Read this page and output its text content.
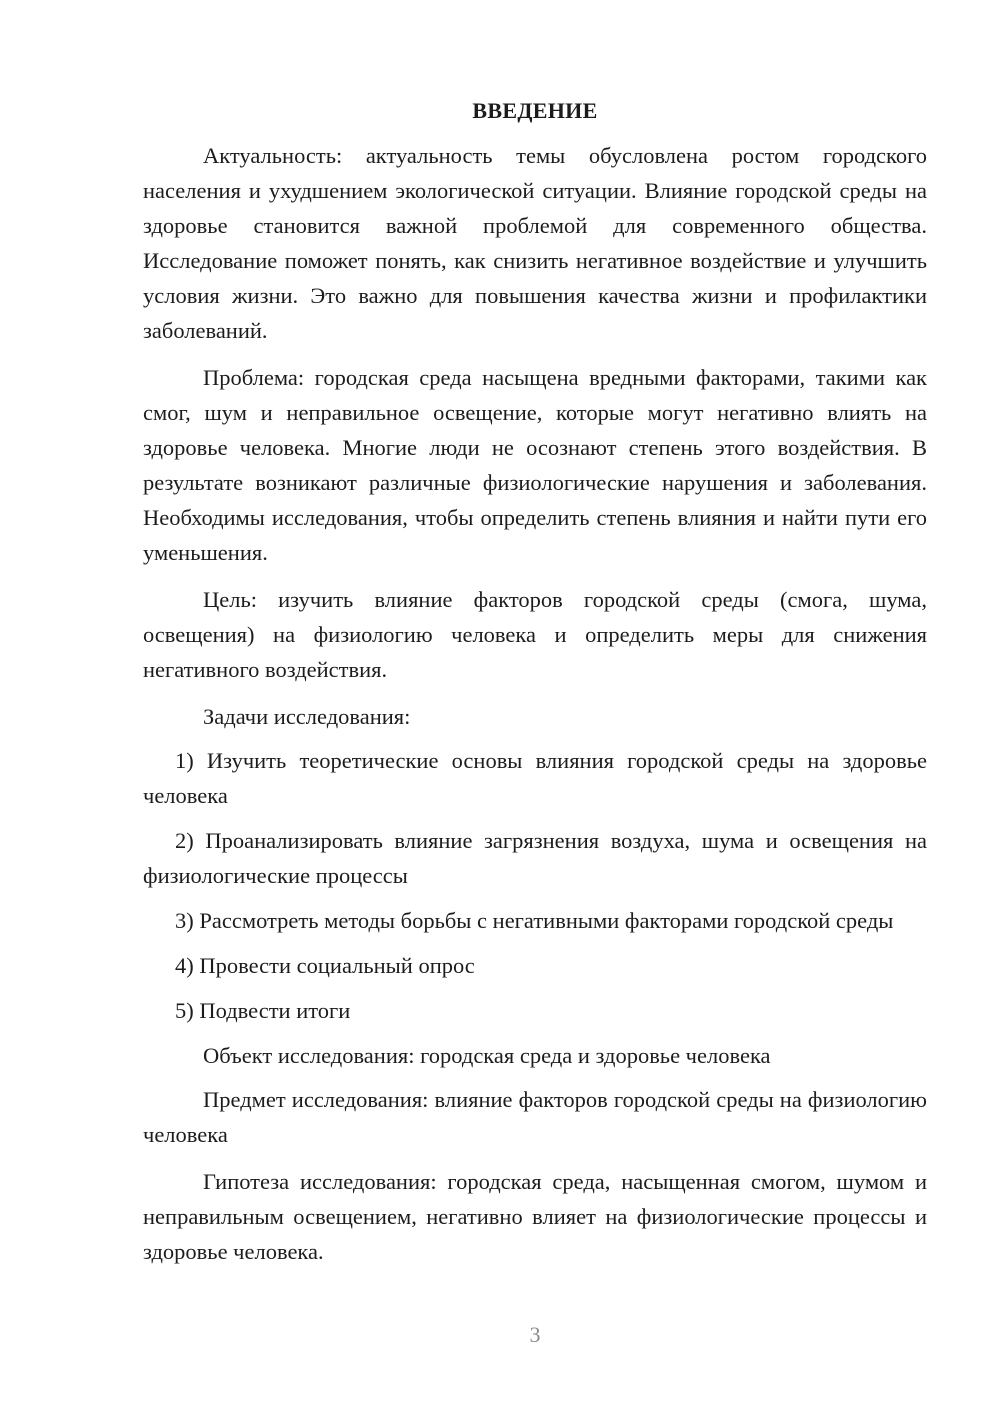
ВВЕДЕНИЕ

Актуальность: актуальность темы обусловлена ростом городского населения и ухудшением экологической ситуации. Влияние городской среды на здоровье становится важной проблемой для современного общества. Исследование поможет понять, как снизить негативное воздействие и улучшить условия жизни. Это важно для повышения качества жизни и профилактики заболеваний.

Проблема: городская среда насыщена вредными факторами, такими как смог, шум и неправильное освещение, которые могут негативно влиять на здоровье человека. Многие люди не осознают степень этого воздействия. В результате возникают различные физиологические нарушения и заболевания. Необходимы исследования, чтобы определить степень влияния и найти пути его уменьшения.

Цель: изучить влияние факторов городской среды (смога, шума, освещения) на физиологию человека и определить меры для снижения негативного воздействия.

Задачи исследования:

1) Изучить теоретические основы влияния городской среды на здоровье человека

2) Проанализировать влияние загрязнения воздуха, шума и освещения на физиологические процессы

3) Рассмотреть методы борьбы с негативными факторами городской среды

4) Провести социальный опрос

5) Подвести итоги

Объект исследования: городская среда и здоровье человека

Предмет исследования: влияние факторов городской среды на физиологию человека

Гипотеза исследования: городская среда, насыщенная смогом, шумом и неправильным освещением, негативно влияет на физиологические процессы и здоровье человека.

3
